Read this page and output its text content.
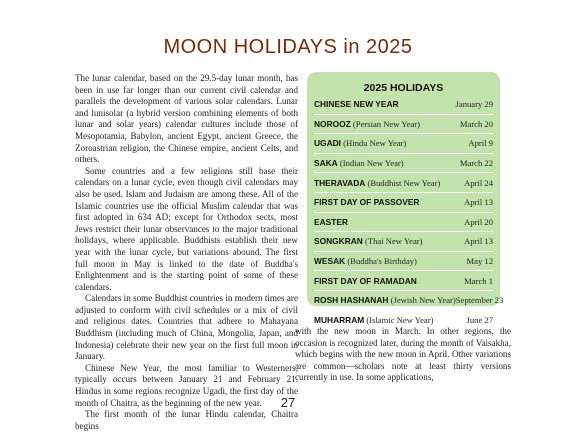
MOON HOLIDAYS in 2025

The lunar calendar, based on the 29.5-day lunar month, has been in use far longer than our current civil calendar and parallels the development of various solar calendars. Lunar and lunisolar (a hybrid version combining elements of both lunar and solar years) calendar cultures include those of Mesopotamia, Babylon, ancient Egypt, ancient Greece, the Zoroastrian religion, the Chinese empire, ancient Celts, and others.

Some countries and a few religions still base their calendars on a lunar cycle, even though civil calendars may also be used. Islam and Judaism are among these. All of the Islamic countries use the official Muslim calendar that was first adopted in 634 AD; except for Orthodox sects, most Jews restrict their lunar observances to the major traditional holidays, where applicable. Buddhists establish their new year with the lunar cycle, but variations abound. The first full moon in May is linked to the date of Buddha's Enlightenment and is the starting point of some of these calendars.

Calendars in some Buddhist countries in modern times are adjusted to conform with civil schedules or a mix of civil and religious dates. Countries that adhere to Mahayana Buddhism (including much of China, Mongolia, Japan, and Indonesia) celebrate their new year on the first full moon in January.

Chinese New Year, the most familiar to Westerners, typically occurs between January 21 and February 21. Hindus in some regions recognize Ugadi, the first day of the month of Chaitra, as the beginning of the new year.

The first month of the lunar Hindu calendar, Chaitra begins

2025 HOLIDAYS
CHINESE NEW YEAR	January 29
NOROOZ (Persian New Year)	March 20
UGADI (Hindu New Year)	April 9
SAKA (Indian New Year)	March 22
THERAVADA (Buddhist New Year)	April 24
FIRST DAY OF PASSOVER	April 13
EASTER	April 20
SONGKRAN (Thai New Year)	April 13
WESAK (Buddha's Birthday)	May 12
FIRST DAY OF RAMADAN	March 1
ROSH HASHANAH (Jewish New Year) September 23
MUHARRAM (Islamic New Year)	June 27

with the new moon in March. In other regions, the occasion is recognized later, during the month of Vaisakha, which begins with the new moon in April. Other variations are common—scholars note at least thirty versions currently in use. In some applications,

27
